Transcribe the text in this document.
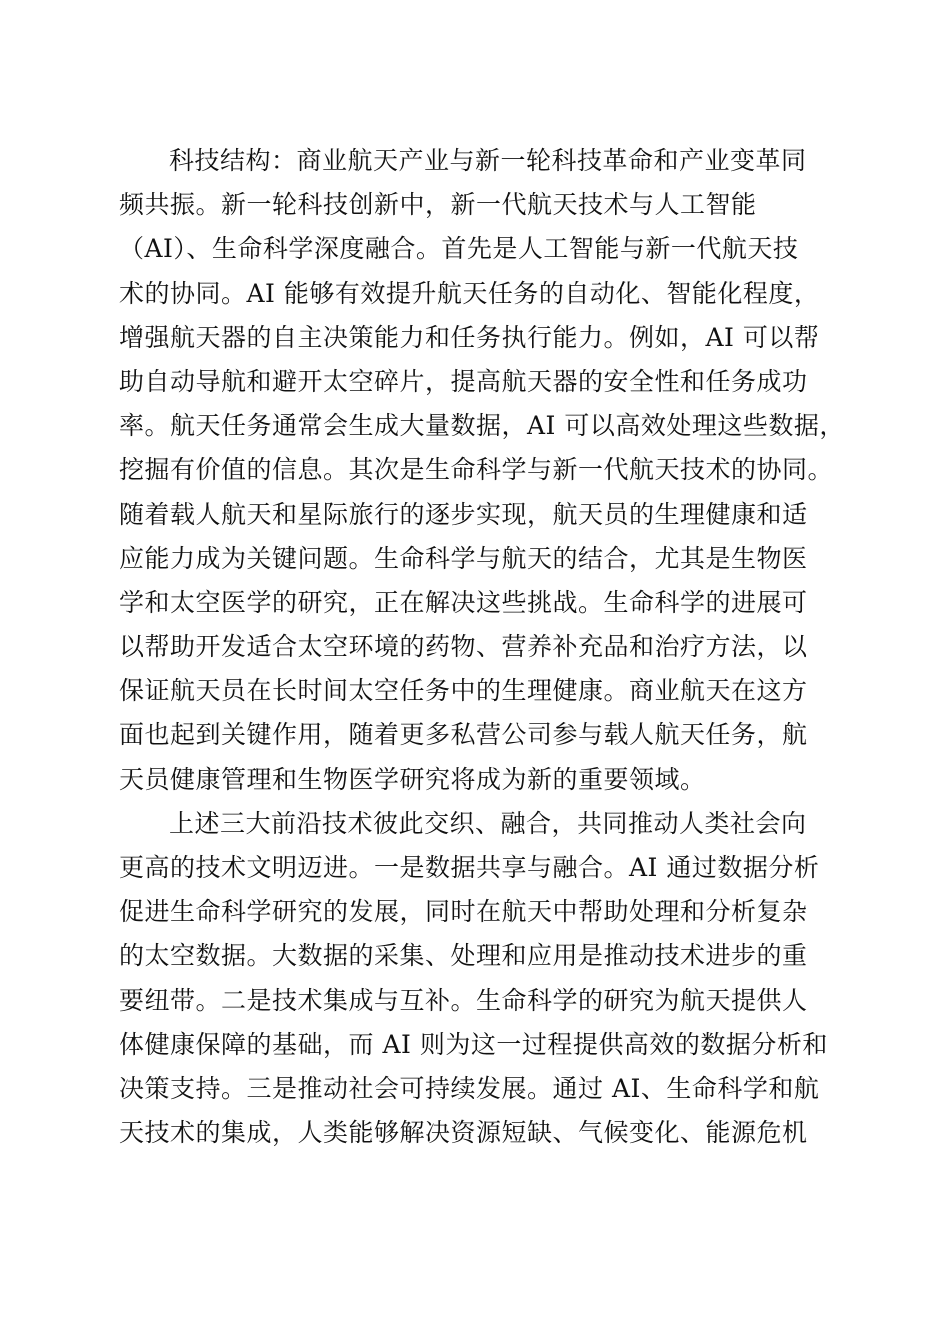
科技结构：商业航天产业与新一轮科技革命和产业变革同
频共振。新一轮科技创新中，新一代航天技术与人工智能
（AI）、生命科学深度融合。首先是人工智能与新一代航天技
术的协同。AI 能够有效提升航天任务的自动化、智能化程度，
增强航天器的自主决策能力和任务执行能力。例如，AI 可以帮
助自动导航和避开太空碎片，提高航天器的安全性和任务成功
率。航天任务通常会生成大量数据，AI 可以高效处理这些数据，
挖掘有价值的信息。其次是生命科学与新一代航天技术的协同。
随着载人航天和星际旅行的逐步实现，航天员的生理健康和适
应能力成为关键问题。生命科学与航天的结合，尤其是生物医
学和太空医学的研究，正在解决这些挑战。生命科学的进展可
以帮助开发适合太空环境的药物、营养补充品和治疗方法，以
保证航天员在长时间太空任务中的生理健康。商业航天在这方
面也起到关键作用，随着更多私营公司参与载人航天任务，航
天员健康管理和生物医学研究将成为新的重要领域。
上述三大前沿技术彼此交织、融合，共同推动人类社会向
更高的技术文明迈进。一是数据共享与融合。AI 通过数据分析
促进生命科学研究的发展，同时在航天中帮助处理和分析复杂
的太空数据。大数据的采集、处理和应用是推动技术进步的重
要纽带。二是技术集成与互补。生命科学的研究为航天提供人
体健康保障的基础，而 AI 则为这一过程提供高效的数据分析和
决策支持。三是推动社会可持续发展。通过 AI、生命科学和航
天技术的集成，人类能够解决资源短缺、气候变化、能源危机
